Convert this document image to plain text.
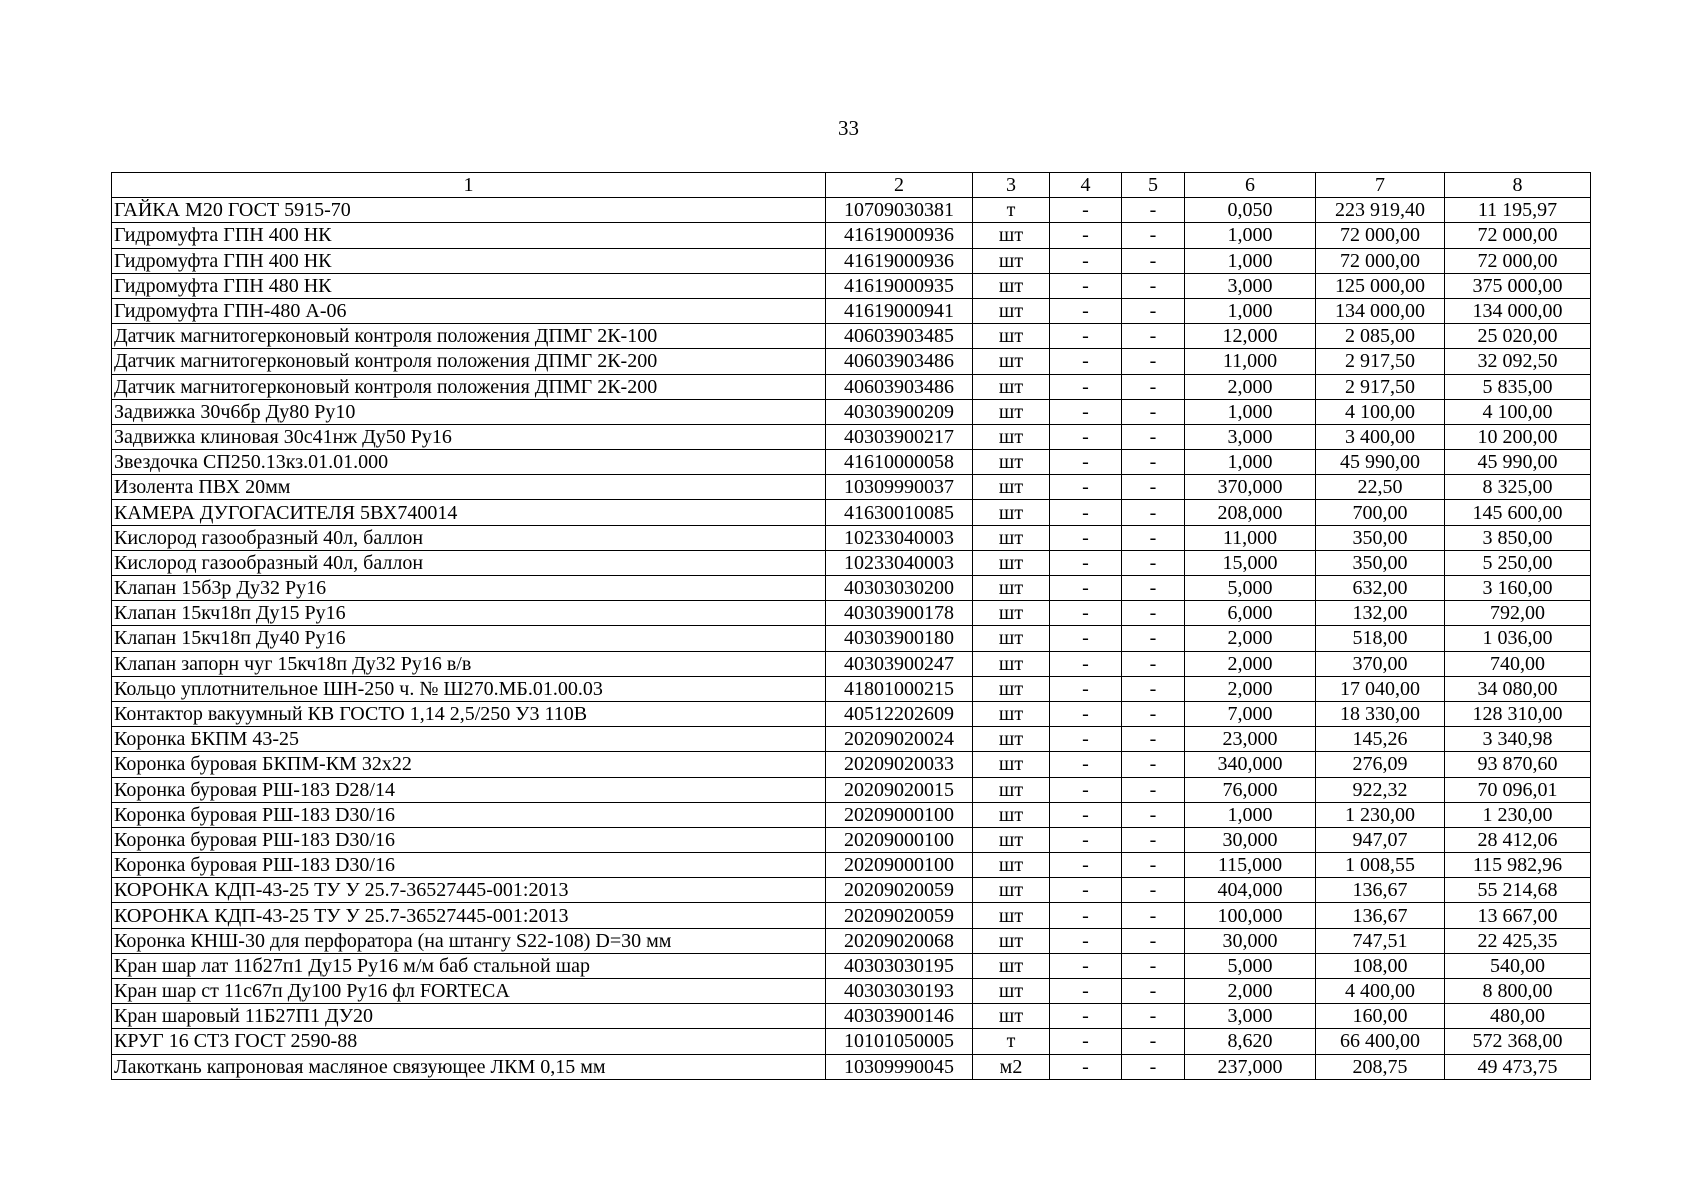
33
1	2	3	4	5	6	7	8
ГАЙКА М20 ГОСТ 5915-70	10709030381	т	-	-	0,050	223 919,40	11 195,97
Гидромуфта ГПН 400 НК	41619000936	шт	-	-	1,000	72 000,00	72 000,00
Гидромуфта ГПН 400 НК	41619000936	шт	-	-	1,000	72 000,00	72 000,00
Гидромуфта ГПН 480 НК	41619000935	шт	-	-	3,000	125 000,00	375 000,00
Гидромуфта ГПН-480 А-06	41619000941	шт	-	-	1,000	134 000,00	134 000,00
Датчик магнитогерконовый контроля положения ДПМГ 2К-100	40603903485	шт	-	-	12,000	2 085,00	25 020,00
Датчик магнитогерконовый контроля положения ДПМГ 2К-200	40603903486	шт	-	-	11,000	2 917,50	32 092,50
Датчик магнитогерконовый контроля положения ДПМГ 2К-200	40603903486	шт	-	-	2,000	2 917,50	5 835,00
Задвижка 30ч6бр Ду80 Ру10	40303900209	шт	-	-	1,000	4 100,00	4 100,00
Задвижка клиновая 30с41нж Ду50 Ру16	40303900217	шт	-	-	3,000	3 400,00	10 200,00
Звездочка СП250.13кз.01.01.000	41610000058	шт	-	-	1,000	45 990,00	45 990,00
Изолента ПВХ 20мм	10309990037	шт	-	-	370,000	22,50	8 325,00
КАМЕРА ДУГОГАСИТЕЛЯ 5ВХ740014	41630010085	шт	-	-	208,000	700,00	145 600,00
Кислород газообразный 40л, баллон	10233040003	шт	-	-	11,000	350,00	3 850,00
Кислород газообразный 40л, баллон	10233040003	шт	-	-	15,000	350,00	5 250,00
Клапан 15б3р Ду32 Ру16	40303030200	шт	-	-	5,000	632,00	3 160,00
Клапан 15кч18п Ду15 Ру16	40303900178	шт	-	-	6,000	132,00	792,00
Клапан 15кч18п Ду40 Ру16	40303900180	шт	-	-	2,000	518,00	1 036,00
Клапан запорн чуг 15кч18п Ду32 Ру16 в/в	40303900247	шт	-	-	2,000	370,00	740,00
Кольцо уплотнительное ШН-250 ч. № Ш270.МБ.01.00.03	41801000215	шт	-	-	2,000	17 040,00	34 080,00
Контактор вакуумный КВ ГОСТО 1,14 2,5/250 У3 110В	40512202609	шт	-	-	7,000	18 330,00	128 310,00
Коронка БКПМ 43-25	20209020024	шт	-	-	23,000	145,26	3 340,98
Коронка буровая БКПМ-КМ 32х22	20209020033	шт	-	-	340,000	276,09	93 870,60
Коронка буровая РШ-183 D28/14	20209020015	шт	-	-	76,000	922,32	70 096,01
Коронка буровая РШ-183 D30/16	20209000100	шт	-	-	1,000	1 230,00	1 230,00
Коронка буровая РШ-183 D30/16	20209000100	шт	-	-	30,000	947,07	28 412,06
Коронка буровая РШ-183 D30/16	20209000100	шт	-	-	115,000	1 008,55	115 982,96
КОРОНКА КДП-43-25 ТУ У 25.7-36527445-001:2013	20209020059	шт	-	-	404,000	136,67	55 214,68
КОРОНКА КДП-43-25 ТУ У 25.7-36527445-001:2013	20209020059	шт	-	-	100,000	136,67	13 667,00
Коронка КНШ-30 для перфоратора (на штангу S22-108) D=30 мм	20209020068	шт	-	-	30,000	747,51	22 425,35
Кран шар лат 11б27п1 Ду15 Ру16 м/м баб стальной шар	40303030195	шт	-	-	5,000	108,00	540,00
Кран шар ст 11с67п Ду100 Ру16 фл FORTECA	40303030193	шт	-	-	2,000	4 400,00	8 800,00
Кран шаровый 11Б27П1 ДУ20	40303900146	шт	-	-	3,000	160,00	480,00
КРУГ 16 СТ3 ГОСТ 2590-88	10101050005	т	-	-	8,620	66 400,00	572 368,00
Лакоткань капроновая масляное связующее ЛКМ 0,15 мм	10309990045	м2	-	-	237,000	208,75	49 473,75
